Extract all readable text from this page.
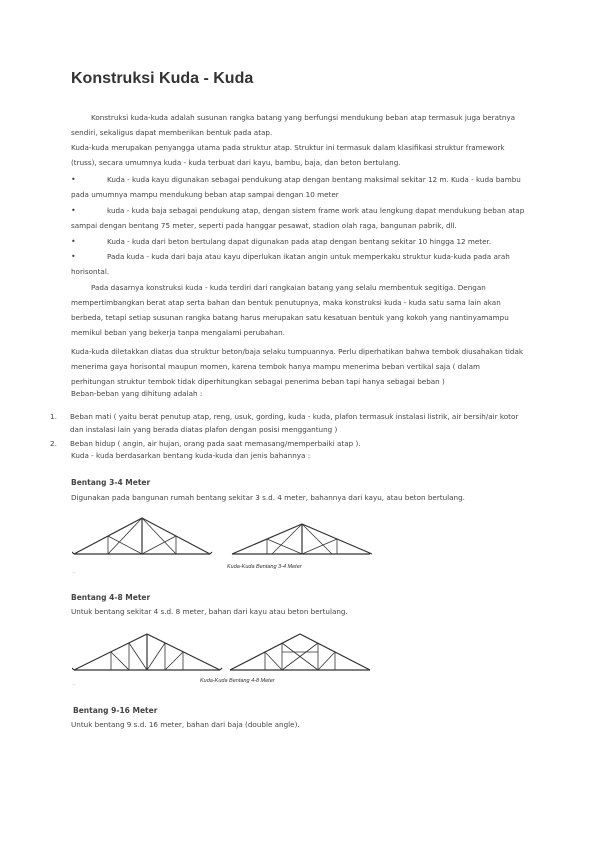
Konstruksi Kuda - Kuda

Konstruksi kuda-kuda adalah susunan rangka batang yang berfungsi mendukung beban atap termasuk juga beratnya sendiri, sekaligus dapat memberikan bentuk pada atap.

Kuda-kuda merupakan penyangga utama pada struktur atap. Struktur ini termasuk dalam klasifikasi struktur framework (truss), secara umumnya kuda - kuda terbuat dari kayu, bambu, baja, dan beton bertulang.

•	Kuda - kuda kayu digunakan sebagai pendukung atap dengan bentang maksimal sekitar 12 m. Kuda - kuda bambu pada umumnya mampu mendukung beban atap sampai dengan 10 meter
•	kuda - kuda baja sebagai pendukung atap, dengan sistem frame work atau lengkung dapat mendukung beban atap sampai dengan bentang 75 meter, seperti pada hanggar pesawat, stadion olah raga, bangunan pabrik, dll.
•	Kuda - kuda dari beton bertulang dapat digunakan pada atap dengan bentang sekitar 10 hingga 12 meter.
•	Pada kuda - kuda dari baja atau kayu diperlukan ikatan angin untuk memperkaku struktur kuda-kuda pada arah horisontal.

Pada dasarnya konstruksi kuda - kuda terdiri dari rangkaian batang yang selalu membentuk segitiga. Dengan mempertimbangkan berat atap serta bahan dan bentuk penutupnya, maka konstruksi kuda - kuda satu sama lain akan berbeda, tetapi setiap susunan rangka batang harus merupakan satu kesatuan bentuk yang kokoh yang nantinyamampu memikul beban yang bekerja tanpa mengalami perubahan.

Kuda-kuda diletakkan diatas dua struktur beton/baja selaku tumpuannya. Perlu diperhatikan bahwa tembok diusahakan tidak menerima gaya horisontal maupun momen, karena tembok hanya mampu menerima beban vertikal saja ( dalam perhitungan struktur tembok tidak diperhitungkan sebagai penerima beban tapi hanya sebagai beban )

Beban-beban yang dihitung adalah :

1.	Beban mati ( yaitu berat penutup atap, reng, usuk, gording, kuda - kuda, plafon termasuk instalasi listrik, air bersih/air kotor dan instalasi lain yang berada diatas plafon dengan posisi menggantung )
2.	Beban hidup ( angin, air hujan, orang pada saat memasang/memperbaiki atap ).

Kuda - kuda berdasarkan bentang kuda-kuda dan jenis bahannya :

Bentang 3-4 Meter

Digunakan pada bangunan rumah bentang sekitar 3 s.d. 4 meter, bahannya dari kayu, atau beton bertulang.

Kuda-Kuda Bentang 3-4 Meter
.
Bentang 4-8 Meter

Untuk bentang sekitar 4 s.d. 8 meter, bahan dari kayu atau beton bertulang.

Kuda-Kuda Bentang 4-8 Meter
.
Bentang 9-16 Meter

Untuk bentang 9 s.d. 16 meter, bahan dari baja (double angle).
